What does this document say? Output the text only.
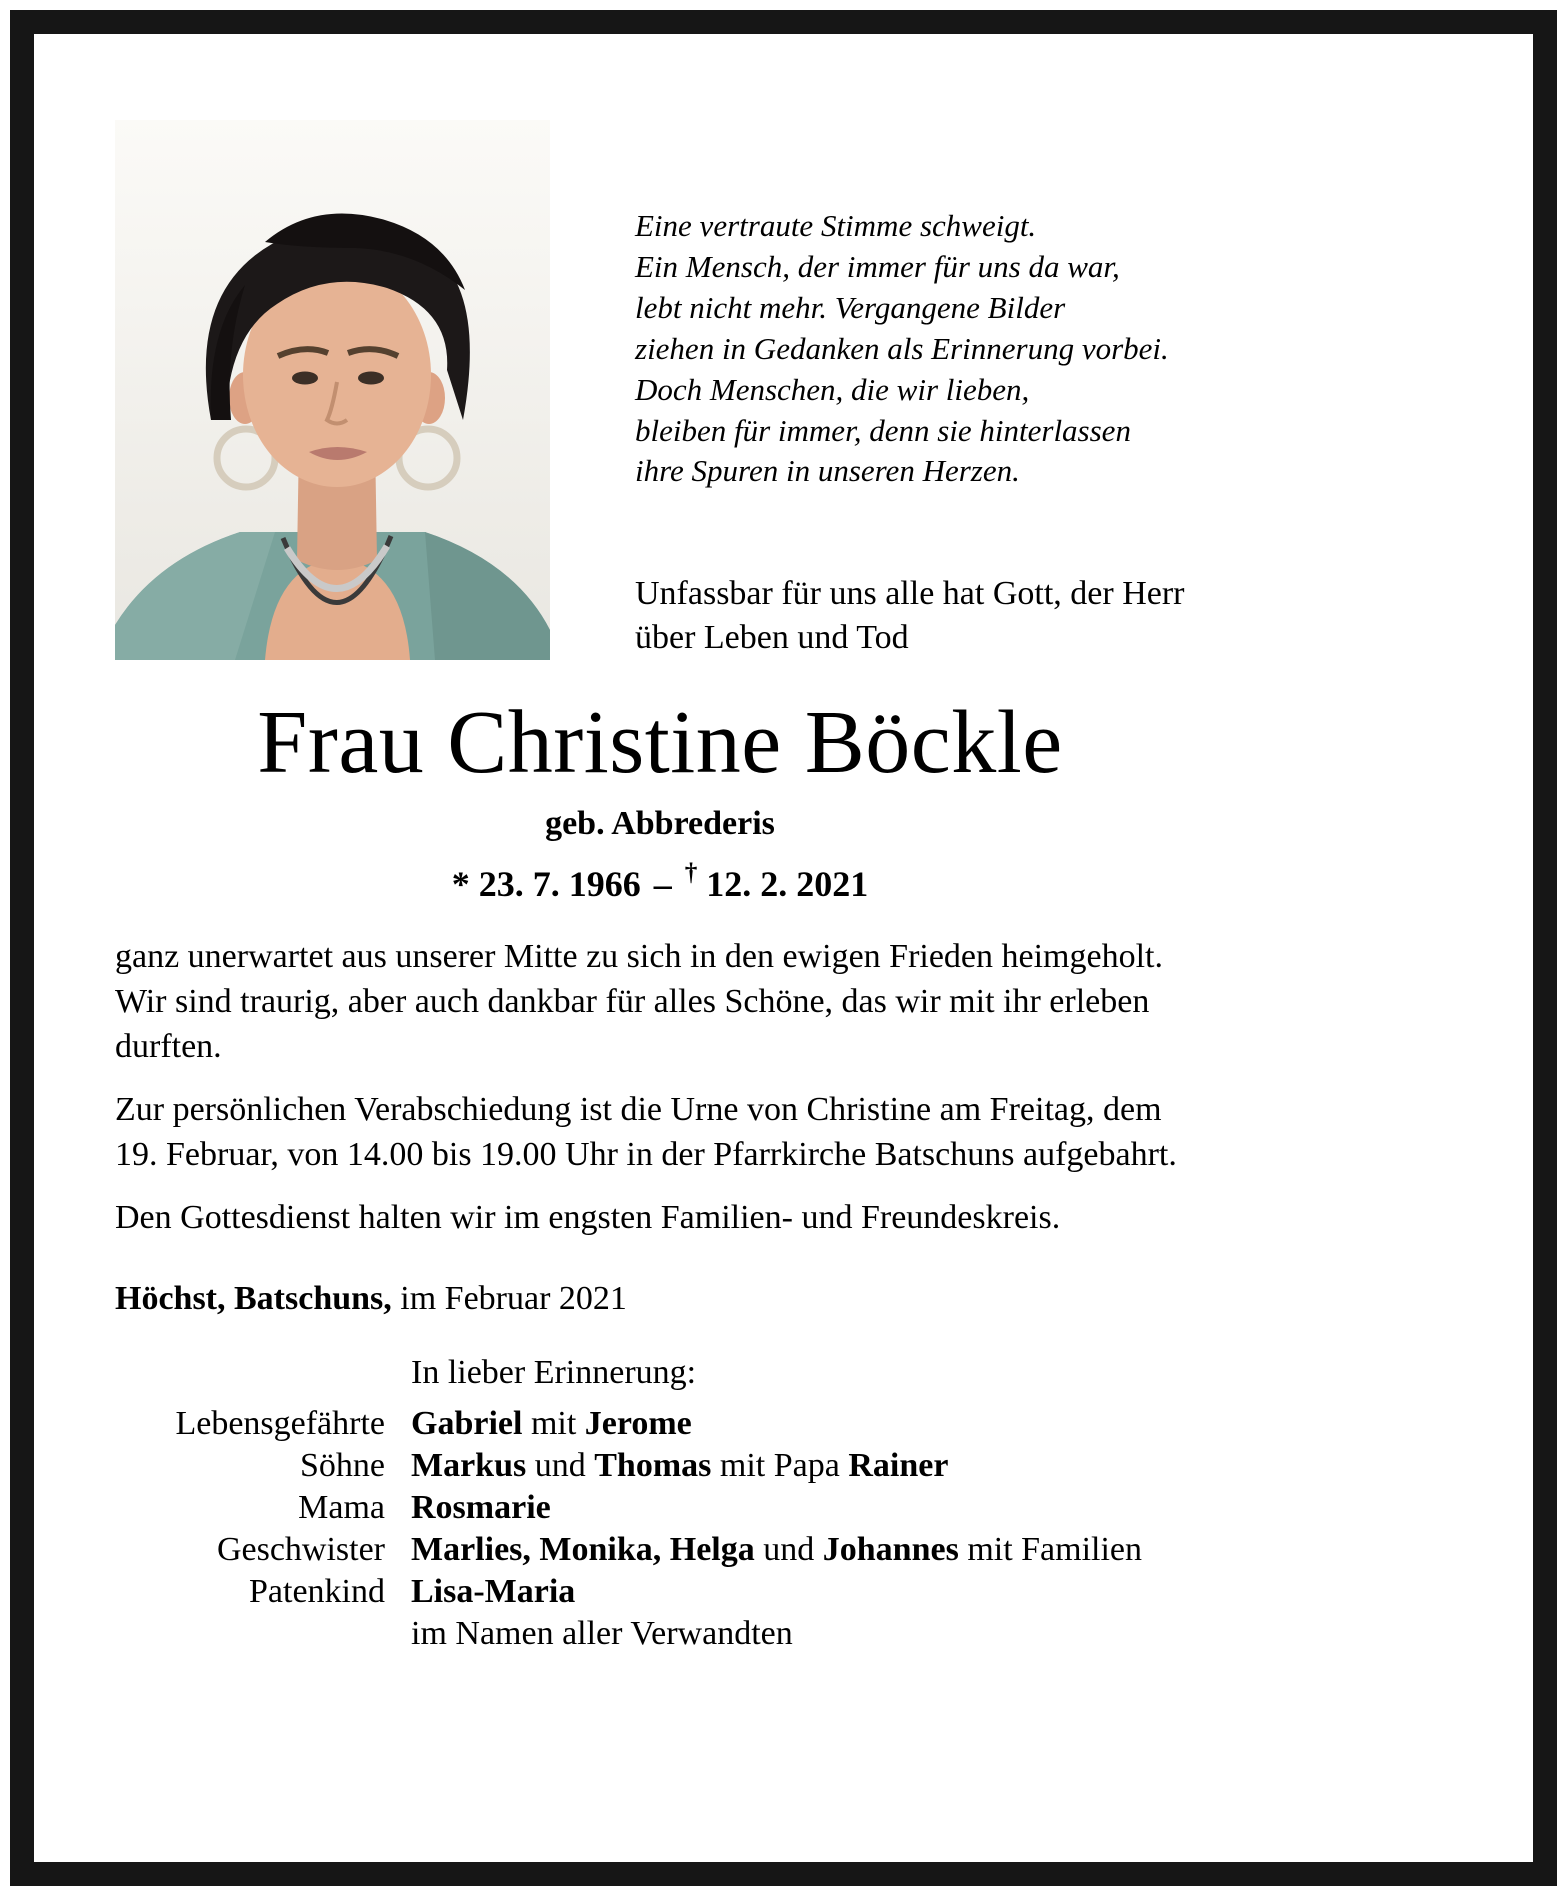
Eine vertraute Stimme schweigt.
Ein Mensch, der immer für uns da war,
lebt nicht mehr. Vergangene Bilder
ziehen in Gedanken als Erinnerung vorbei.
Doch Menschen, die wir lieben,
bleiben für immer, denn sie hinterlassen
ihre Spuren in unseren Herzen.
Unfassbar für uns alle hat Gott, der Herr
über Leben und Tod
Frau Christine Böckle
geb. Abbrederis
* 23. 7. 1966 – † 12. 2. 2021

ganz unerwartet aus unserer Mitte zu sich in den ewigen Frieden heimgeholt. Wir sind traurig, aber auch dankbar für alles Schöne, das wir mit ihr erleben durften.

Zur persönlichen Verabschiedung ist die Urne von Christine am Freitag, dem 19. Februar, von 14.00 bis 19.00 Uhr in der Pfarrkirche Batschuns aufgebahrt.

Den Gottesdienst halten wir im engsten Familien- und Freundeskreis.

Höchst, Batschuns, im Februar 2021
In lieber Erinnerung:
Lebensgefährte Gabriel mit Jerome
Söhne Markus und Thomas mit Papa Rainer
Mama Rosmarie
Geschwister Marlies, Monika, Helga und Johannes mit Familien
Patenkind Lisa-Maria
im Namen aller Verwandten
